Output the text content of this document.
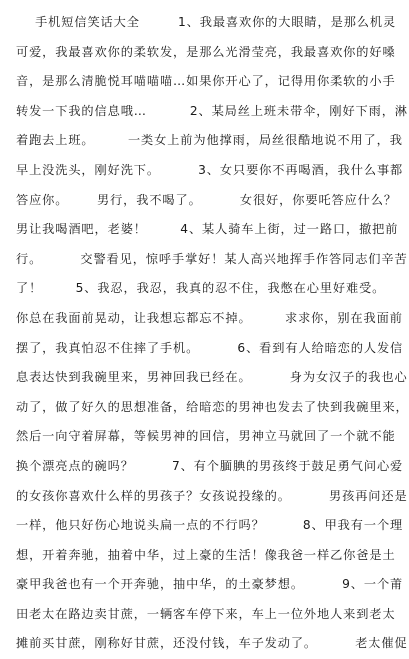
手机短信笑话大全        1、我最喜欢你的大眼睛，是那么机灵
可爱，我最喜欢你的柔软发，是那么光滑莹亮，我最喜欢你的好嗓
音，是那么清脆悦耳喵喵喵…如果你开心了，记得用你柔软的小手
转发一下我的信息哦…         2、某局丝上班未带伞，刚好下雨，淋
着跑去上班。       一类女上前为他撑雨，局丝很酷地说不用了，我
早上没洗头，刚好洗下。        3、女只要你不再喝酒，我什么事都
答应你。      男行，我不喝了。        女很好，你要吒答应什么？
男让我喝酒吧，老婆！       4、某人骑车上街，过一路口，撤把前
行。        交警看见，惊呼手掌好！某人高兴地挥手作答同志们辛苦
了！       5、我忍，我忍，我真的忍不住，我憋在心里好难受。
你总在我面前晃动，让我想忘都忘不掉。       求求你，别在我面前
摆了，我真怕忍不住摔了手机。        6、看到有人给暗恋的人发信
息表达快到我碗里来，男神回我已经在。        身为女汉子的我也心
动了，做了好久的思想准备，给暗恋的男神也发去了快到我碗里来，
然后一向守着屏幕，等候男神的回信，男神立马就回了一个就不能
换个漂亮点的碗吗？        7、有个腼腆的男孩终于鼓足勇气问心爱
的女孩你喜欢什么样的男孩子？女孩说投缘的。        男孩再问还是
一样，他只好伤心地说头扁一点的不行吗？        8、甲我有一个理
想，开着奔驰，抽着中华，过上豪的生活！像我爸一样乙你爸是土
豪甲我爸也有一个开奔驰，抽中华，的土豪梦想。        9、一个莆
田老太在路边卖甘蔗，一辆客车停下来，车上一位外地人来到老太
摊前买甘蔗，刚称好甘蔗，还没付钱，车子发动了。        老太催促
